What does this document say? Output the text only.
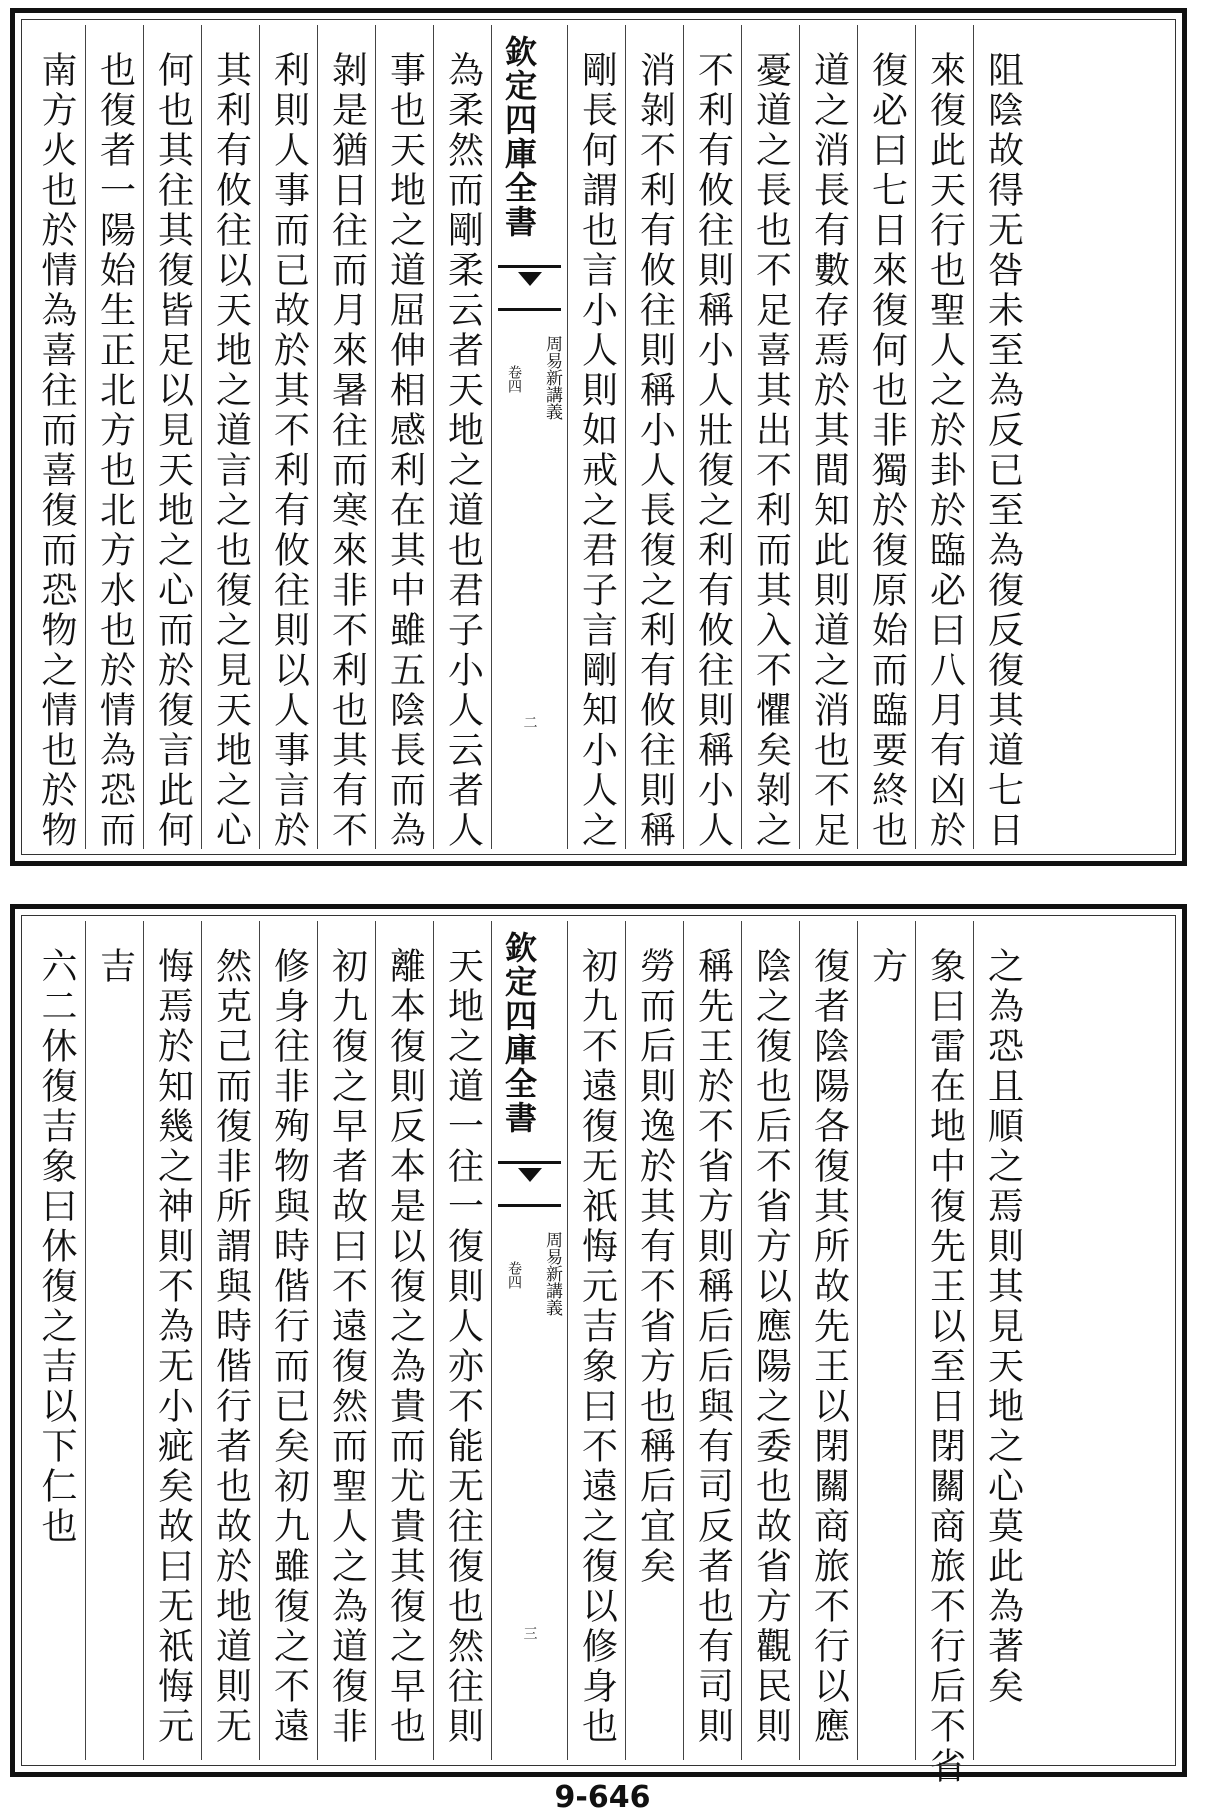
南方火也於情為喜往而喜復而恐物之情也於物 也復者一陽始生正北方也北方水也於情為恐而 何也其往其復皆足以見天地之心而於復言此何 其利有攸往以天地之道言之也復之見天地之心 利則人事而已故於其不利有攸往則以人事言於 剝是猶日往而月來暑往而寒來非不利也其有不 事也天地之道屈伸相感利在其中雖五陰長而為 為柔然而剛柔云者天地之道也君子小人云者人 欽定四庫全書
周易新講義
卷四
二 剛長何謂也言小人則如戒之君子言剛知小人之 消剝不利有攸往則稱小人長復之利有攸往則稱 不利有攸往則稱小人壯復之利有攸往則稱小人 憂道之長也不足喜其出不利而其入不懼矣剝之 道之消長有數存焉於其間知此則道之消也不足 復必曰七日來復何也非獨於復原始而臨要終也 來復此天行也聖人之於卦於臨必曰八月有凶於 阻陰故得无咎未至為反已至為復反復其道七日
六二休復吉象曰休復之吉以下仁也 吉 悔焉於知幾之神則不為无小疵矣故曰无祇悔元 然克己而復非所謂與時偕行者也故於地道則无 修身往非殉物與時偕行而已矣初九雖復之不遠 初九復之早者故曰不遠復然而聖人之為道復非 離本復則反本是以復之為貴而尤貴其復之早也 天地之道一往一復則人亦不能无往復也然往則 欽定四庫全書
周易新講義
卷四
三 初九不遠復无祇悔元吉象曰不遠之復以修身也 勞而后則逸於其有不省方也稱后宜矣 稱先王於不省方則稱后后與有司反者也有司則 陰之復也后不省方以應陽之委也故省方觀民則 復者陰陽各復其所故先王以閉關商旅不行以應 方 象曰雷在地中復先王以至日閉關商旅不行后不省 之為恐且順之焉則其見天地之心莫此為著矣
9-646
